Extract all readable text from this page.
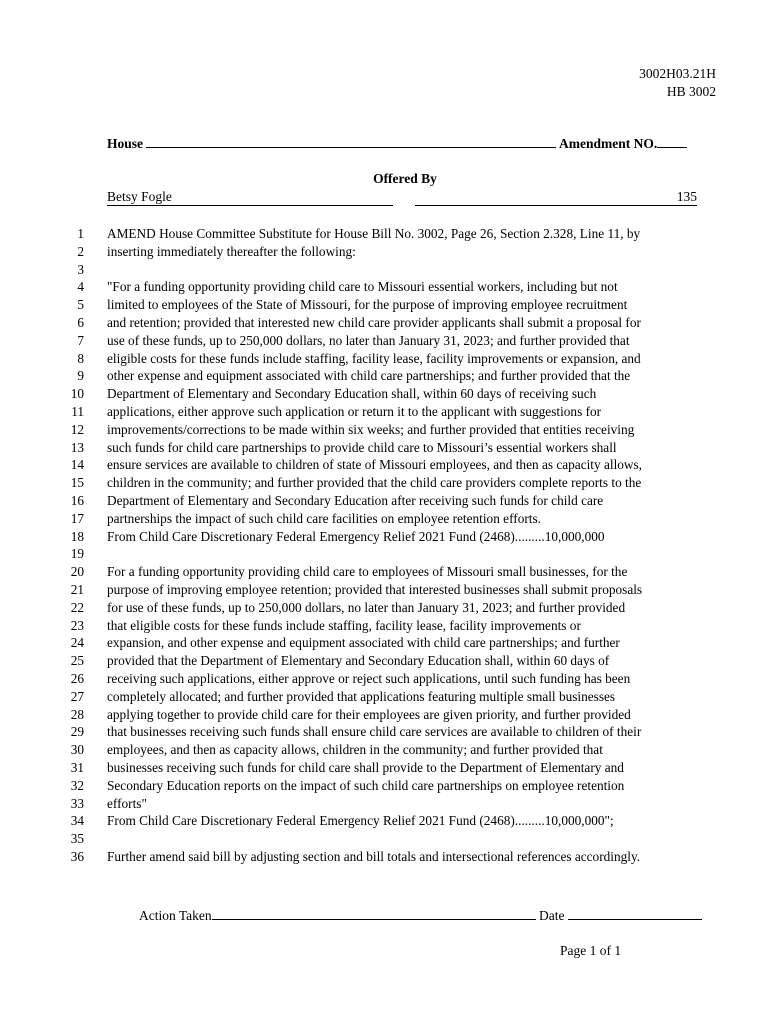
3002H03.21H
HB 3002
House	Amendment NO.
Offered By
Betsy Fogle	135
1 AMEND House Committee Substitute for House Bill No. 3002, Page 26, Section 2.328, Line 11, by
2 inserting immediately thereafter the following:
3
4 "For a funding opportunity providing child care to Missouri essential workers, including but not
5 limited to employees of the State of Missouri, for the purpose of improving employee recruitment
6 and retention; provided that interested new child care provider applicants shall submit a proposal for
7 use of these funds, up to 250,000 dollars, no later than January 31, 2023; and further provided that
8 eligible costs for these funds include staffing, facility lease, facility improvements or expansion, and
9 other expense and equipment associated with child care partnerships; and further provided that the
10 Department of Elementary and Secondary Education shall, within 60 days of receiving such
11 applications, either approve such application or return it to the applicant with suggestions for
12 improvements/corrections to be made within six weeks; and further provided that entities receiving
13 such funds for child care partnerships to provide child care to Missouri’s essential workers shall
14 ensure services are available to children of state of Missouri employees, and then as capacity allows,
15 children in the community; and further provided that the child care providers complete reports to the
16 Department of Elementary and Secondary Education after receiving such funds for child care
17 partnerships the impact of such child care facilities on employee retention efforts.
18 From Child Care Discretionary Federal Emergency Relief 2021 Fund (2468).........10,000,000
19
20 For a funding opportunity providing child care to employees of Missouri small businesses, for the
21 purpose of improving employee retention; provided that interested businesses shall submit proposals
22 for use of these funds, up to 250,000 dollars, no later than January 31, 2023; and further provided
23 that eligible costs for these funds include staffing, facility lease, facility improvements or
24 expansion, and other expense and equipment associated with child care partnerships; and further
25 provided that the Department of Elementary and Secondary Education shall, within 60 days of
26 receiving such applications, either approve or reject such applications, until such funding has been
27 completely allocated; and further provided that applications featuring multiple small businesses
28 applying together to provide child care for their employees are given priority, and further provided
29 that businesses receiving such funds shall ensure child care services are available to children of their
30 employees, and then as capacity allows, children in the community; and further provided that
31 businesses receiving such funds for child care shall provide to the Department of Elementary and
32 Secondary Education reports on the impact of such child care partnerships on employee retention
33 efforts"
34 From Child Care Discretionary Federal Emergency Relief 2021 Fund (2468).........10,000,000";
35
36 Further amend said bill by adjusting section and bill totals and intersectional references accordingly.
Action Taken	Date
Page 1 of 1
